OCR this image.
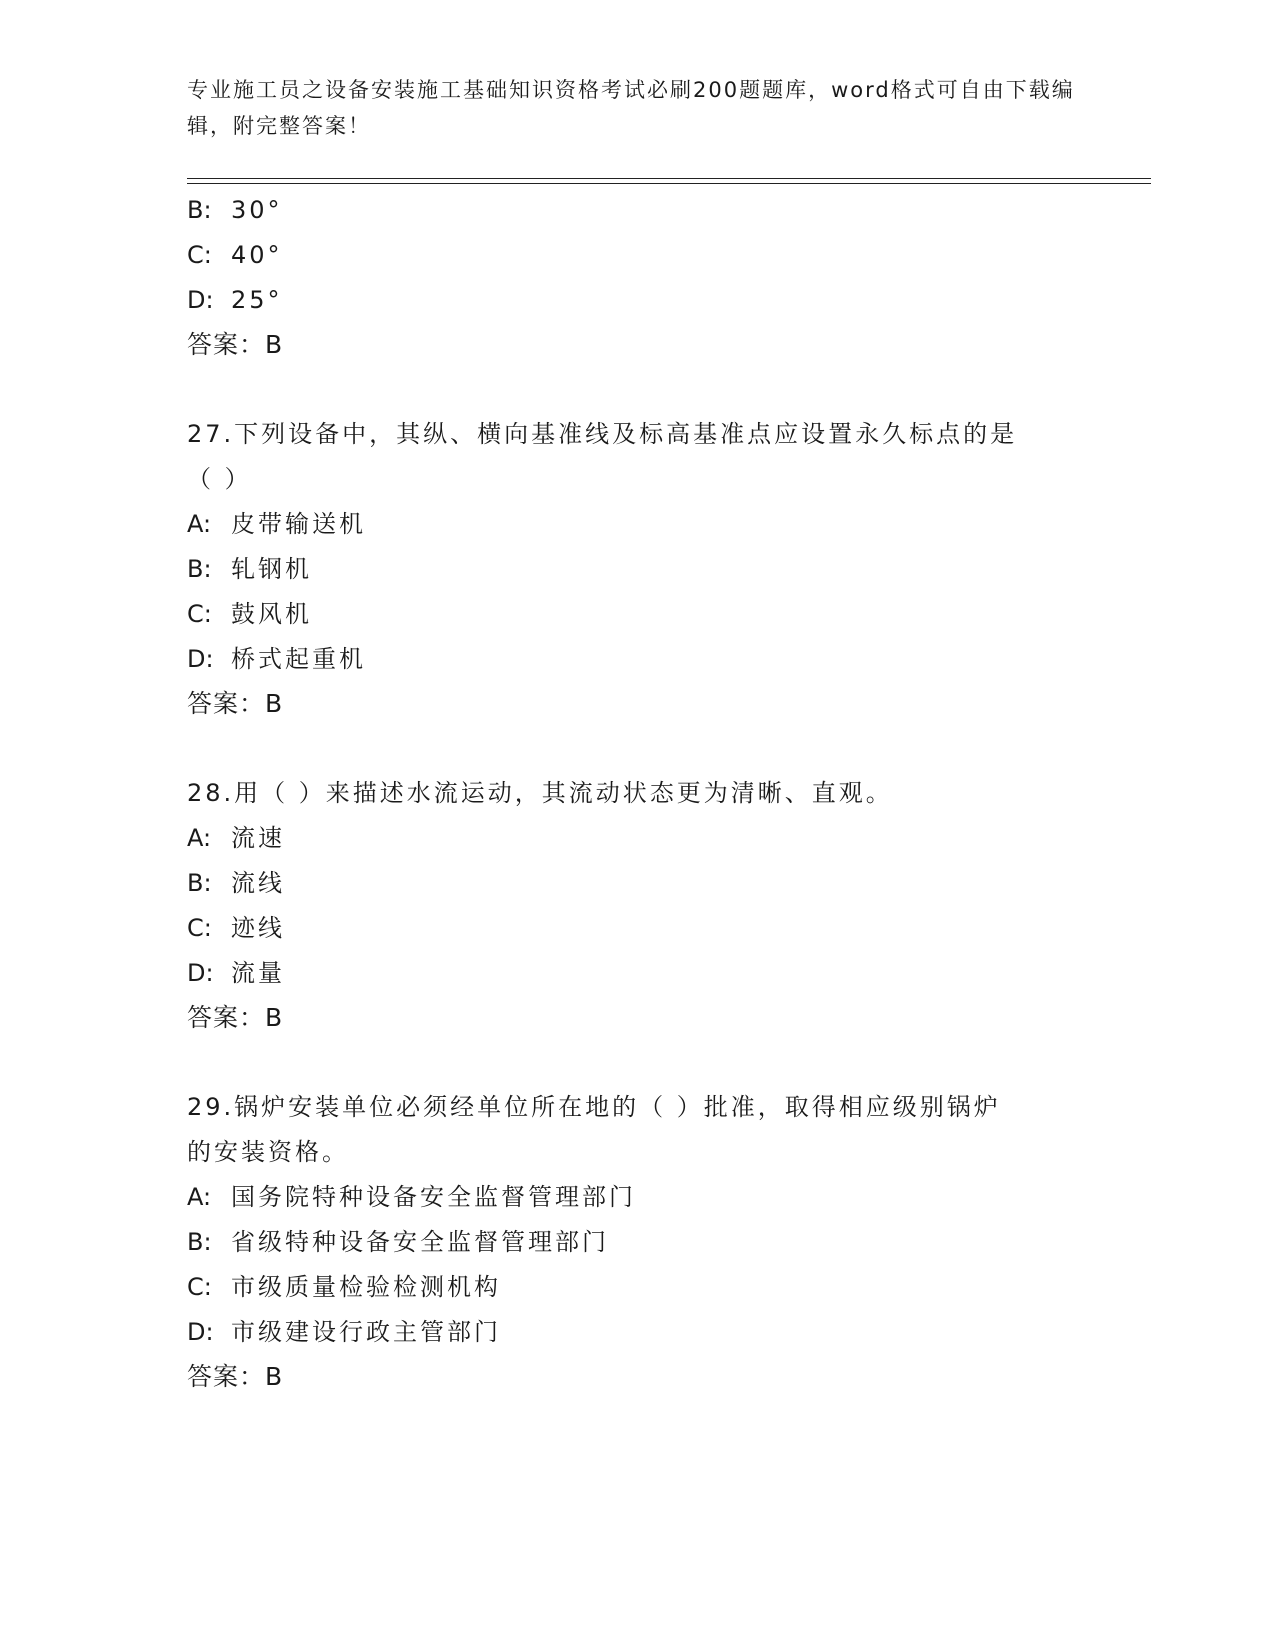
专业施工员之设备安装施工基础知识资格考试必刷200题题库，word格式可自由下载编辑，附完整答案！
B: 30°
C: 40°
D: 25°
答案：B
27.下列设备中，其纵、横向基准线及标高基准点应设置永久标点的是
（ ）
A: 皮带输送机
B: 轧钢机
C: 鼓风机
D: 桥式起重机
答案：B
28.用（ ）来描述水流运动，其流动状态更为清晰、直观。
A: 流速
B: 流线
C: 迹线
D: 流量
答案：B
29.锅炉安装单位必须经单位所在地的（ ）批准，取得相应级别锅炉
的安装资格。
A: 国务院特种设备安全监督管理部门
B: 省级特种设备安全监督管理部门
C: 市级质量检验检测机构
D: 市级建设行政主管部门
答案：B
